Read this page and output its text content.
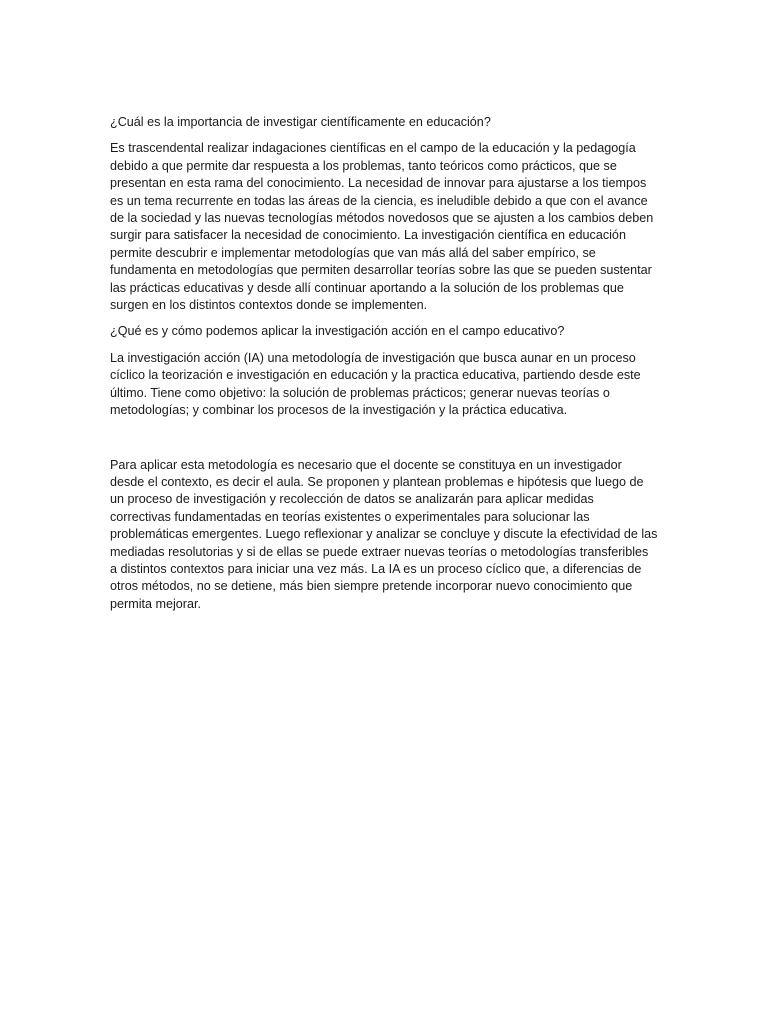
¿Cuál es la importancia de investigar científicamente en educación?

Es trascendental realizar indagaciones científicas en el campo de la educación y la pedagogía debido a que permite dar respuesta a los problemas, tanto teóricos como prácticos, que se presentan en esta rama del conocimiento. La necesidad de innovar para ajustarse a los tiempos es un tema recurrente en todas las áreas de la ciencia, es ineludible debido a que con el avance de la sociedad y las nuevas tecnologías métodos novedosos que se ajusten a los cambios deben surgir para satisfacer la necesidad de conocimiento. La investigación científica en educación permite descubrir e implementar metodologías que van más allá del saber empírico, se fundamenta en metodologías que permiten desarrollar teorías sobre las que se pueden sustentar las prácticas educativas y desde allí continuar aportando a la solución de los problemas que surgen en los distintos contextos donde se implementen.

¿Qué es y cómo podemos aplicar la investigación acción en el campo educativo?

La investigación acción (IA) una metodología de investigación que busca aunar en un proceso cíclico la teorización e investigación en educación y la practica educativa, partiendo desde este último. Tiene como objetivo: la solución de problemas prácticos; generar nuevas teorías o metodologías; y combinar los procesos de la investigación y la práctica educativa.

Para aplicar esta metodología es necesario que el docente se constituya en un investigador desde el contexto, es decir el aula. Se proponen y plantean problemas e hipótesis que luego de un proceso de investigación y recolección de datos se analizarán para aplicar medidas correctivas fundamentadas en teorías existentes o experimentales para solucionar las problemáticas emergentes. Luego reflexionar y analizar se concluye y discute la efectividad de las mediadas resolutorias y si de ellas se puede extraer nuevas teorías o metodologías transferibles a distintos contextos para iniciar una vez más. La IA es un proceso cíclico que, a diferencias de otros métodos, no se detiene, más bien siempre pretende incorporar nuevo conocimiento que permita mejorar.
